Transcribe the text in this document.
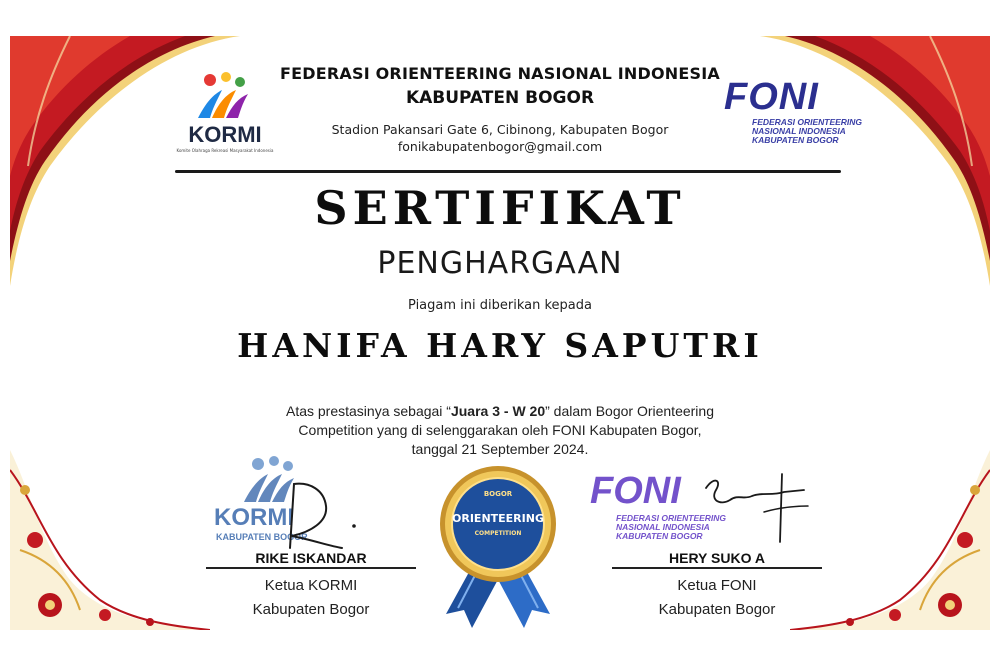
KORMI
Komite Olahraga Rekreasi Masyarakat Indonesia
FONI
FEDERASI ORIENTEERING
NASIONAL INDONESIA
KABUPATEN BOGOR
FEDERASI ORIENTEERING NASIONAL INDONESIA
KABUPATEN BOGOR
Stadion Pakansari Gate 6, Cibinong, Kabupaten Bogor
fonikabupatenbogor@gmail.com
SERTIFIKAT
PENGHARGAAN
Piagam ini diberikan kepada
HANIFA HARY SAPUTRI
Atas prestasinya sebagai “Juara 3 - W 20” dalam Bogor Orienteering
Competition yang di selenggarakan oleh FONI Kabupaten Bogor,
tanggal 21 September 2024.
KORMI
KABUPATEN BOGOR
RIKE ISKANDAR
Ketua KORMI
Kabupaten Bogor
BOGOR
ORIENTEERING
COMPETITION
FONI
FEDERASI ORIENTEERING
NASIONAL INDONESIA
KABUPATEN BOGOR
HERY SUKO A
Ketua FONI
Kabupaten Bogor
